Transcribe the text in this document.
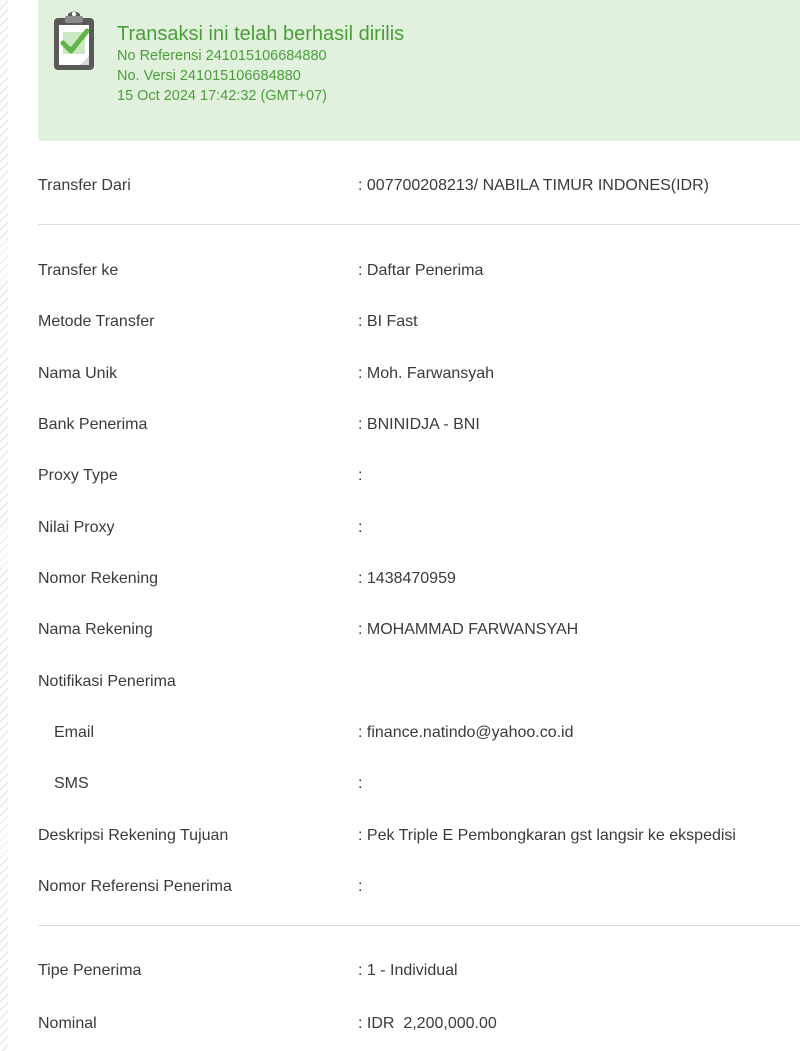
Transaksi ini telah berhasil dirilis
No Referensi 241015106684880
No. Versi 241015106684880
15 Oct 2024 17:42:32 (GMT+07)
Transfer Dari	: 007700208213/ NABILA TIMUR INDONES(IDR)
Transfer ke	: Daftar Penerima
Metode Transfer	: BI Fast
Nama Unik	: Moh. Farwansyah
Bank Penerima	: BNINIDJA - BNI
Proxy Type	:
Nilai Proxy	:
Nomor Rekening	: 1438470959
Nama Rekening	: MOHAMMAD FARWANSYAH
Notifikasi Penerima
Email	: finance.natindo@yahoo.co.id
SMS	:
Deskripsi Rekening Tujuan	: Pek Triple E Pembongkaran gst langsir ke ekspedisi
Nomor Referensi Penerima	:
Tipe Penerima	: 1 - Individual
Nominal	: IDR  2,200,000.00
